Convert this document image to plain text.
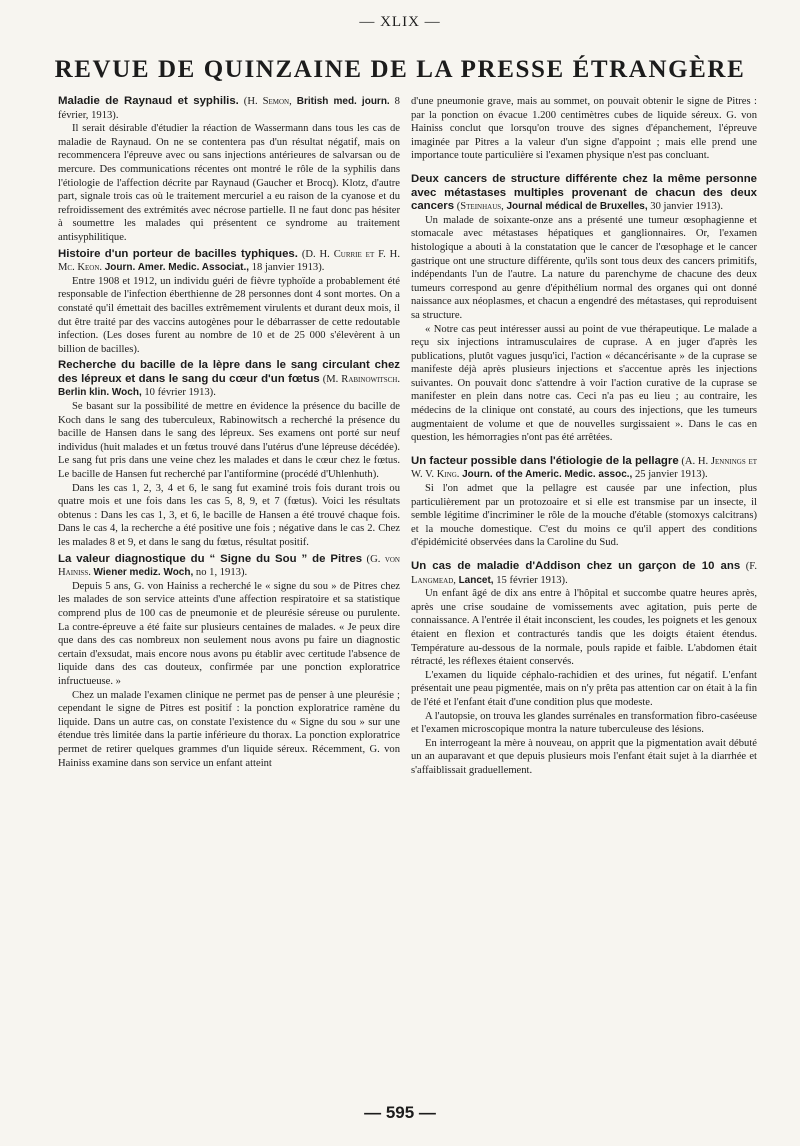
— XLIX —
REVUE DE QUINZAINE DE LA PRESSE ÉTRANGÈRE
Maladie de Raynaud et syphilis. (H. Semon, British med. journ. 8 février, 1913).

Il serait désirable d'étudier la réaction de Wassermann dans tous les cas de maladie de Raynaud. On ne se contentera pas d'un résultat négatif, mais on recommencera l'épreuve avec ou sans injections antérieures de salvarsan ou de mercure. Des communications récentes ont montré le rôle de la syphilis dans l'étiologie de l'affection décrite par Raynaud (Gaucher et Brocq). Klotz, d'autre part, signale trois cas où le traitement mercuriel a eu raison de la cyanose et du refroidissement des extrémités avec nécrose partielle. Il ne faut donc pas hésiter à soumettre les malades qui présentent ce syndrome au traitement antisyphilitique.

Histoire d'un porteur de bacilles typhiques. (D. H. Currie et F. H. Mc. Keon. Journ. Amer. Medic. Associat., 18 janvier 1913).

Entre 1908 et 1912, un individu guéri de fièvre typhoïde a probablement été responsable de l'infection éberthienne de 28 personnes dont 4 sont mortes. On a constaté qu'il émettait des bacilles extrêmement virulents et durant deux mois, il dut être traité par des vaccins autogènes pour le débarrasser de cette redoutable infection. (Les doses furent au nombre de 10 et de 25 000 s'élevèrent à un billion de bacilles).

Recherche du bacille de la lèpre dans le sang circulant chez des lépreux et dans le sang du cœur d'un fœtus (M. Rabinowitsch. Berlin klin. Woch, 10 février 1913).

Se basant sur la possibilité de mettre en évidence la présence du bacille de Koch dans le sang des tuberculeux, Rabinowitsch a recherché la présence du bacille de Hansen dans le sang des lépreux. Ses examens ont porté sur neuf individus (huit malades et un fœtus trouvé dans l'utérus d'une lépreuse décédée). Le sang fut pris dans une veine chez les malades et dans le cœur chez le fœtus. Le bacille de Hansen fut recherché par l'antiformine (procédé d'Uhlenhuth).

Dans les cas 1, 2, 3, 4 et 6, le sang fut examiné trois fois durant trois ou quatre mois et une fois dans les cas 5, 8, 9, et 7 (fœtus). Voici les résultats obtenus : Dans les cas 1, 3, et 6, le bacille de Hansen a été trouvé chaque fois. Dans le cas 4, la recherche a été positive une fois ; négative dans le cas 2. Chez les malades 8 et 9, et dans le sang du fœtus, résultat positif.

La valeur diagnostique du “ Signe du Sou ” de Pitres (G. von Hainiss. Wiener mediz. Woch, no 1, 1913).

Depuis 5 ans, G. von Hainiss a recherché le « signe du sou » de Pitres chez les malades de son service atteints d'une affection respiratoire et sa statistique comprend plus de 100 cas de pneumonie et de pleurésie séreuse ou purulente. La contre-épreuve a été faite sur plusieurs centaines de malades. « Je peux dire que dans des cas nombreux non seulement nous avons pu faire un diagnostic certain d'exsudat, mais encore nous avons pu établir avec certitude l'absence de liquide dans des cas douteux, confirmée par une ponction exploratrice infructueuse. »

Chez un malade l'examen clinique ne permet pas de penser à une pleurésie ; cependant le signe de Pitres est positif : la ponction exploratrice ramène du liquide. Dans un autre cas, on constate l'existence du « Signe du sou » sur une étendue très limitée dans la partie inférieure du thorax. La ponction exploratrice permet de retirer quelques grammes d'un liquide séreux. Récemment, G. von Hainiss examine dans son service un enfant atteint

d'une pneumonie grave, mais au sommet, on pouvait obtenir le signe de Pitres : par la ponction on évacue 1.200 centimètres cubes de liquide séreux. G. von Hainiss conclut que lorsqu'on trouve des signes d'épanchement, l'épreuve imaginée par Pitres a la valeur d'un signe d'appoint ; mais elle prend une importance toute particulière si l'examen physique n'est pas concluant.

Deux cancers de structure différente chez la même personne avec métastases multiples provenant de chacun des deux cancers (Steinhaus, Journal médical de Bruxelles, 30 janvier 1913).

Un malade de soixante-onze ans a présenté une tumeur œsophagienne et stomacale avec métastases hépatiques et ganglionnaires. Or, l'examen histologique a abouti à la constatation que le cancer de l'œsophage et le cancer gastrique ont une structure différente, qu'ils sont tous deux des cancers primitifs, indépendants l'un de l'autre. La nature du parenchyme de chacune des deux tumeurs correspond au genre d'épithélium normal des organes qui ont donné naissance aux néoplasmes, et chacun a engendré des métastases, qui reproduisent sa structure.

« Notre cas peut intéresser aussi au point de vue thérapeutique. Le malade a reçu six injections intramusculaires de cuprase. A en juger d'après les publications, plutôt vagues jusqu'ici, l'action « décancérisante » de la cuprase se manifeste déjà après plusieurs injections et s'accentue après les injections suivantes. On pouvait donc s'attendre à voir l'action curative de la cuprase se manifester en plein dans notre cas. Ceci n'a pas eu lieu ; au contraire, les médecins de la clinique ont constaté, au cours des injections, que les tumeurs augmentaient de volume et que de nouvelles surgissaient ». Dans le cas en question, les hémorragies n'ont pas été arrêtées.

Un facteur possible dans l'étiologie de la pellagre (A. H. Jennings et W. V. King. Journ. of the Americ. Medic. assoc., 25 janvier 1913).

Si l'on admet que la pellagre est causée par une infection, plus particulièrement par un protozoaire et si elle est transmise par un insecte, il semble légitime d'incriminer le rôle de la mouche d'étable (stomoxys calcitrans) et la mouche domestique. C'est du moins ce qu'il appert des conditions d'épidémicité observées dans la Caroline du Sud.

Un cas de maladie d'Addison chez un garçon de 10 ans (F. Langmead, Lancet, 15 février 1913).

Un enfant âgé de dix ans entre à l'hôpital et succombe quatre heures après, après une crise soudaine de vomissements avec agitation, puis perte de connaissance. A l'entrée il était inconscient, les coudes, les poignets et les genoux étaient en flexion et contracturés tandis que les doigts étaient étendus. Température au-dessous de la normale, pouls rapide et faible. L'abdomen était rétracté, les réflexes étaient conservés.

L'examen du liquide céphalo-rachidien et des urines, fut négatif. L'enfant présentait une peau pigmentée, mais on n'y prêta pas attention car on était à la fin de l'été et l'enfant était d'une condition plus que modeste.

A l'autopsie, on trouva les glandes surrénales en transformation fibro-caséeuse et l'examen microscopique montra la nature tuberculeuse des lésions.

En interrogeant la mère à nouveau, on apprit que la pigmentation avait débuté un an auparavant et que depuis plusieurs mois l'enfant était sujet à la diarrhée et s'affaiblissait graduellement.

— 595 —
